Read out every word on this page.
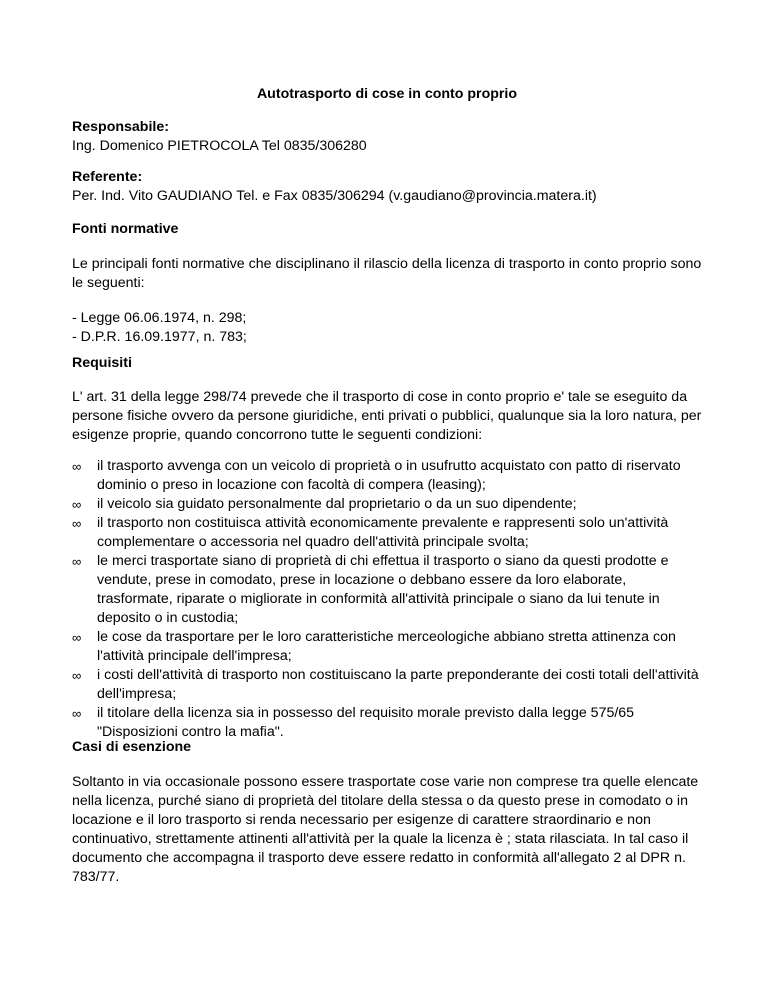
Autotrasporto di cose in conto proprio

Responsabile:

Ing. Domenico PIETROCOLA Tel 0835/306280

Referente:

Per. Ind. Vito GAUDIANO Tel. e Fax 0835/306294 (v.gaudiano@provincia.matera.it)

Fonti normative

Le principali fonti normative che disciplinano il rilascio della licenza di trasporto in conto proprio sono le seguenti:

- Legge 06.06.1974, n. 298;

- D.P.R. 16.09.1977, n. 783;

Requisiti

L' art. 31 della legge 298/74 prevede che il trasporto di cose in conto proprio e' tale se eseguito da persone fisiche ovvero da persone giuridiche, enti privati o pubblici, qualunque sia la loro natura, per esigenze proprie, quando concorrono tutte le seguenti condizioni:

∞ il trasporto avvenga con un veicolo di proprietà o in usufrutto acquistato con patto di riservato dominio o preso in locazione con facoltà di compera (leasing);
∞ il veicolo sia guidato personalmente dal proprietario o da un suo dipendente;
∞ il trasporto non costituisca attività economicamente prevalente e rappresenti solo un'attività complementare o accessoria nel quadro dell'attività principale svolta;
∞ le merci trasportate siano di proprietà di chi effettua il trasporto o siano da questi prodotte e vendute, prese in comodato, prese in locazione o debbano essere da loro elaborate, trasformate, riparate o migliorate in conformità all'attività principale o siano da lui tenute in deposito o in custodia;
∞ le cose da trasportare per le loro caratteristiche merceologiche abbiano stretta attinenza con l'attività principale dell'impresa;
∞ i costi dell'attività di trasporto non costituiscano la parte preponderante dei costi totali dell'attività dell'impresa;
∞ il titolare della licenza sia in possesso del requisito morale previsto dalla legge 575/65 "Disposizioni contro la mafia".

Casi di esenzione

Soltanto in via occasionale possono essere trasportate cose varie non comprese tra quelle elencate nella licenza, purché siano di proprietà del titolare della stessa o da questo prese in comodato o in locazione e il loro trasporto si renda necessario per esigenze di carattere straordinario e non continuativo, strettamente attinenti all'attività per la quale la licenza è ; stata rilasciata. In tal caso il documento che accompagna il trasporto deve essere redatto in conformità all'allegato 2 al DPR n. 783/77.
